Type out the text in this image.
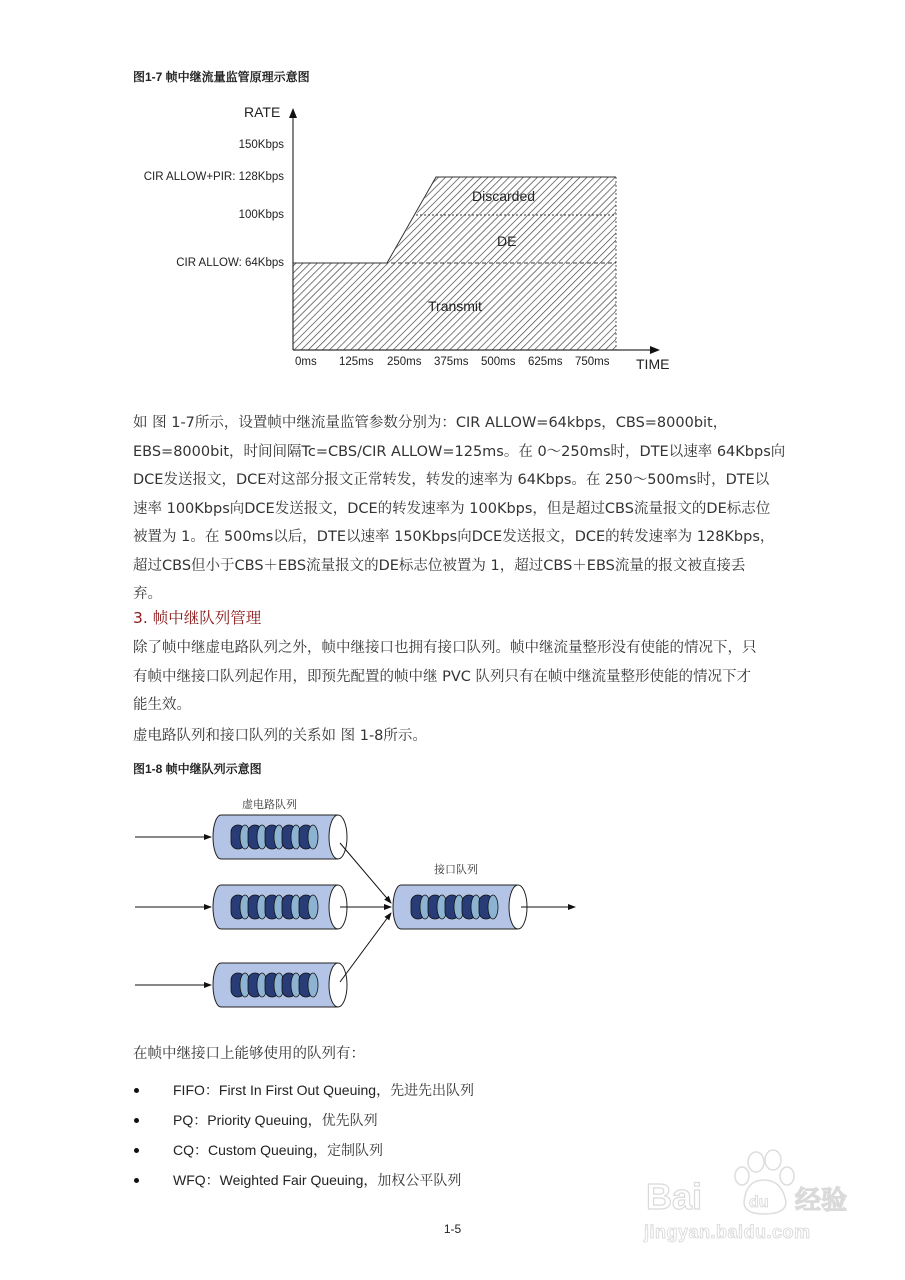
图1-7 帧中继流量监管原理示意图
RATE
150Kbps
CIR ALLOW+PIR: 128Kbps
100Kbps
CIR ALLOW: 64Kbps
Discarded
DE
Transmit
0ms 125ms 250ms 375ms 500ms 625ms 750ms TIME
如 图 1-7所示，设置帧中继流量监管参数分别为：CIR ALLOW=64kbps，CBS=8000bit，
EBS=8000bit，时间间隔Tc=CBS/CIR ALLOW=125ms。在 0～250ms时，DTE以速率 64Kbps向
DCE发送报文，DCE对这部分报文正常转发，转发的速率为 64Kbps。在 250～500ms时，DTE以
速率 100Kbps向DCE发送报文，DCE的转发速率为 100Kbps，但是超过CBS流量报文的DE标志位
被置为 1。在 500ms以后，DTE以速率 150Kbps向DCE发送报文，DCE的转发速率为 128Kbps，
超过CBS但小于CBS＋EBS流量报文的DE标志位被置为 1，超过CBS＋EBS流量的报文被直接丢
弃。
3. 帧中继队列管理
除了帧中继虚电路队列之外，帧中继接口也拥有接口队列。帧中继流量整形没有使能的情况下，只
有帧中继接口队列起作用，即预先配置的帧中继 PVC 队列只有在帧中继流量整形使能的情况下才
能生效。
虚电路队列和接口队列的关系如 图 1-8所示。
图1-8 帧中继队列示意图
虚电路队列
接口队列
在帧中继接口上能够使用的队列有：
FIFO：First In First Out Queuing，先进先出队列
PQ：Priority Queuing，优先队列
CQ：Custom Queuing，定制队列
WFQ：Weighted Fair Queuing，加权公平队列	Bai	du 经验
jingyan.baidu.com
1-5
